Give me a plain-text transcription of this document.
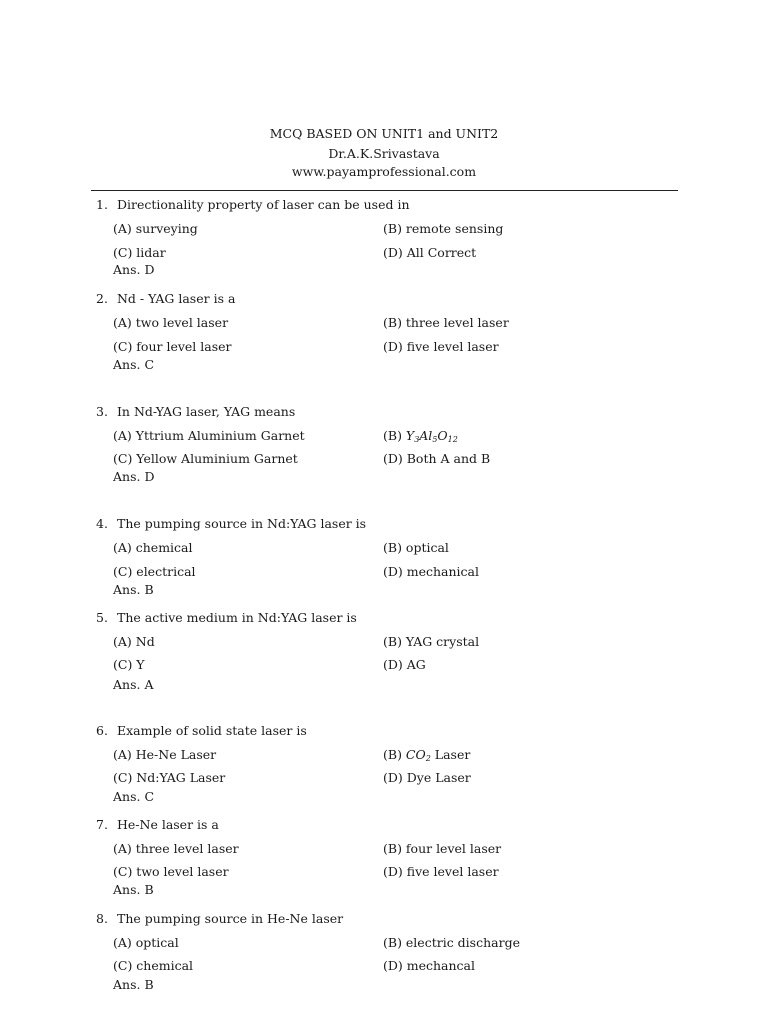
MCQ BASED ON UNIT1 and UNIT2
Dr.A.K.Srivastava
www.payamprofessional.com
1. Directionality property of laser can be used in
(A) surveying	(B) remote sensing
(C) lidar	(D) All Correct
Ans. D
2. Nd - YAG laser is a
(A) two level laser	(B) three level laser
(C) four level laser	(D) five level laser
Ans. C
3. In Nd-YAG laser, YAG means
(A) Yttrium Aluminium Garnet	(B) $Y_3Al_5O_{12}$
(C) Yellow Aluminium Garnet	(D) Both A and B
Ans. D
4. The pumping source in Nd:YAG laser is
(A) chemical	(B) optical
(C) electrical	(D) mechanical
Ans. B
5. The active medium in Nd:YAG laser is
(A) Nd	(B) YAG crystal
(C) Y	(D) AG
Ans. A
6. Example of solid state laser is
(A) He-Ne Laser	(B) $CO_2$ Laser
(C) Nd:YAG Laser	(D) Dye Laser
Ans. C
7. He-Ne laser is a
(A) three level laser	(B) four level laser
(C) two level laser	(D) five level laser
Ans. B
8. The pumping source in He-Ne laser
(A) optical	(B) electric discharge
(C) chemical	(D) mechancal
Ans. B
